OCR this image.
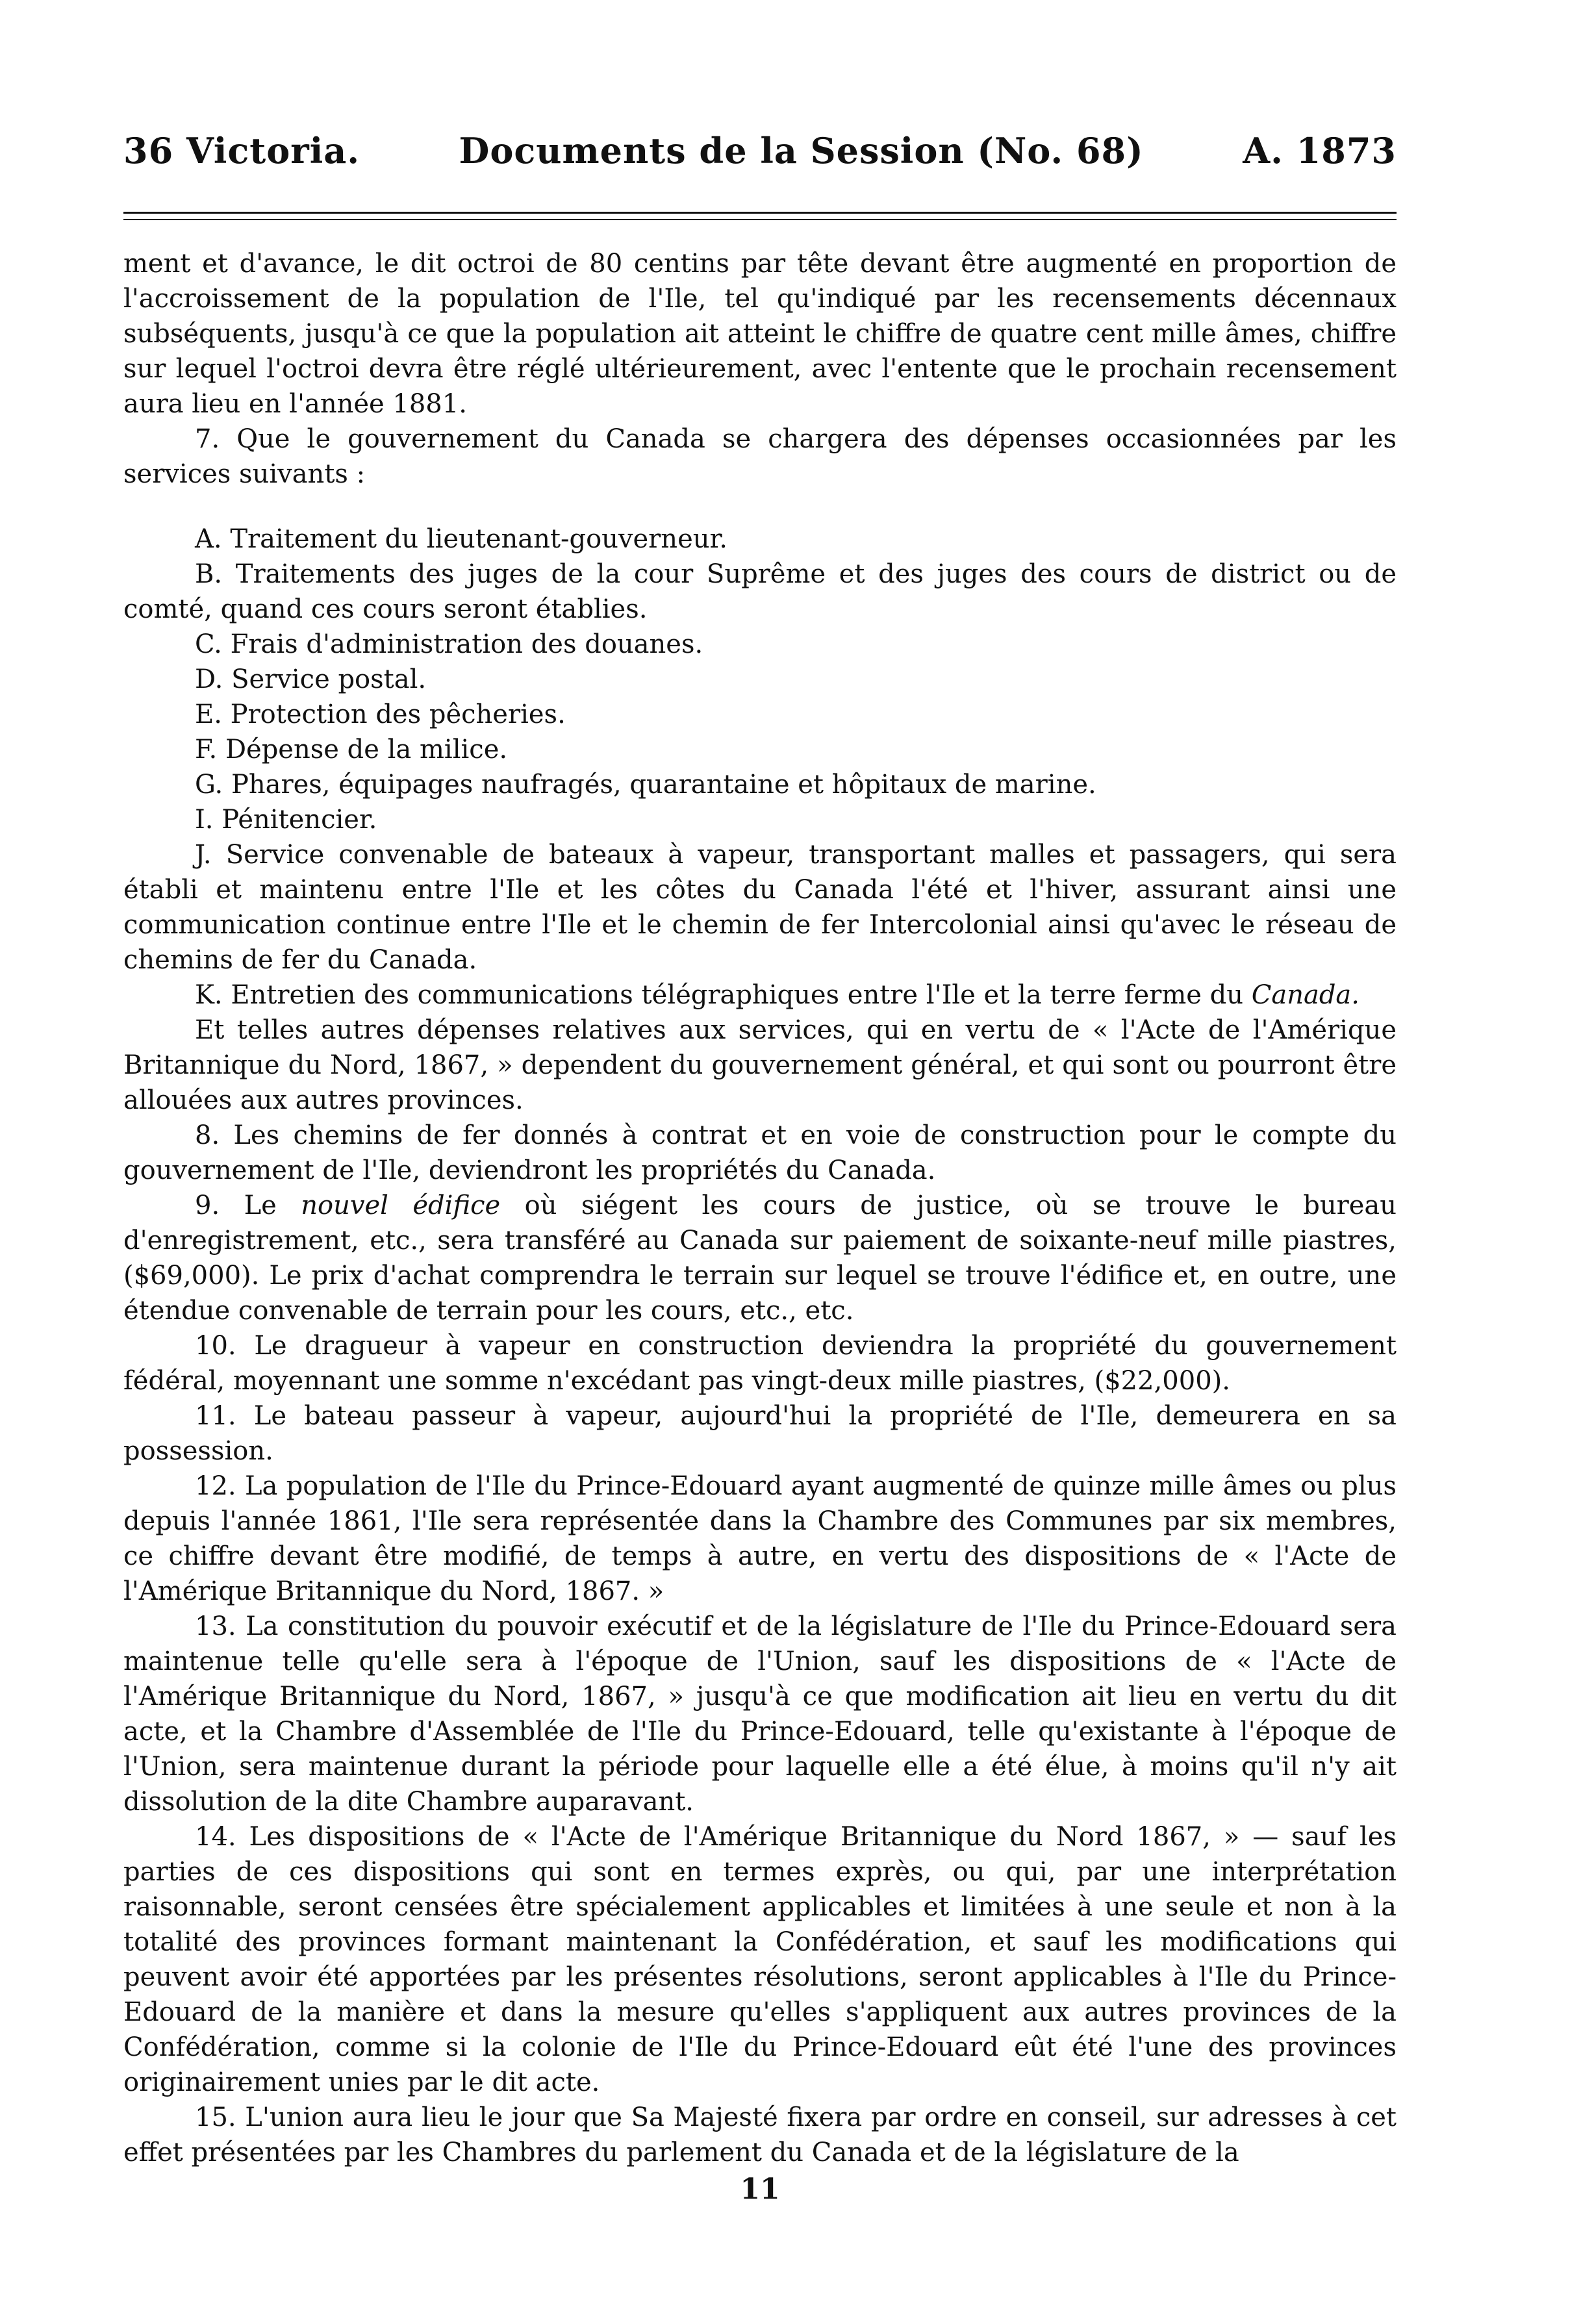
36 Victoria.	Documents de la Session (No. 68)	A. 1873

ment et d'avance, le dit octroi de 80 centins par tête devant être augmenté en proportion de l'accroissement de la population de l'Ile, tel qu'indiqué par les recensements décennaux subséquents, jusqu'à ce que la population ait atteint le chiffre de quatre cent mille âmes, chiffre sur lequel l'octroi devra être réglé ultérieurement, avec l'entente que le prochain recensement aura lieu en l'année 1881.

7. Que le gouvernement du Canada se chargera des dépenses occasionnées par les services suivants :

A. Traitement du lieutenant-gouverneur.

B. Traitements des juges de la cour Suprême et des juges des cours de district ou de comté, quand ces cours seront établies.

C. Frais d'administration des douanes.

D. Service postal.

E. Protection des pêcheries.

F. Dépense de la milice.

G. Phares, équipages naufragés, quarantaine et hôpitaux de marine.

I. Pénitencier.

J. Service convenable de bateaux à vapeur, transportant malles et passagers, qui sera établi et maintenu entre l'Ile et les côtes du Canada l'été et l'hiver, assurant ainsi une communication continue entre l'Ile et le chemin de fer Intercolonial ainsi qu'avec le réseau de chemins de fer du Canada.

K. Entretien des communications télégraphiques entre l'Ile et la terre ferme du Canada.

Et telles autres dépenses relatives aux services, qui en vertu de « l'Acte de l'Amérique Britannique du Nord, 1867, » dependent du gouvernement général, et qui sont ou pourront être allouées aux autres provinces.

8. Les chemins de fer donnés à contrat et en voie de construction pour le compte du gouvernement de l'Ile, deviendront les propriétés du Canada.

9. Le nouvel édifice où siégent les cours de justice, où se trouve le bureau d'enregistrement, etc., sera transféré au Canada sur paiement de soixante-neuf mille piastres, ($69,000). Le prix d'achat comprendra le terrain sur lequel se trouve l'édifice et, en outre, une étendue convenable de terrain pour les cours, etc., etc.

10. Le dragueur à vapeur en construction deviendra la propriété du gouvernement fédéral, moyennant une somme n'excédant pas vingt-deux mille piastres, ($22,000).

11. Le bateau passeur à vapeur, aujourd'hui la propriété de l'Ile, demeurera en sa possession.

12. La population de l'Ile du Prince-Edouard ayant augmenté de quinze mille âmes ou plus depuis l'année 1861, l'Ile sera représentée dans la Chambre des Communes par six membres, ce chiffre devant être modifié, de temps à autre, en vertu des dispositions de « l'Acte de l'Amérique Britannique du Nord, 1867. »

13. La constitution du pouvoir exécutif et de la législature de l'Ile du Prince-Edouard sera maintenue telle qu'elle sera à l'époque de l'Union, sauf les dispositions de « l'Acte de l'Amérique Britannique du Nord, 1867, » jusqu'à ce que modification ait lieu en vertu du dit acte, et la Chambre d'Assemblée de l'Ile du Prince-Edouard, telle qu'existante à l'époque de l'Union, sera maintenue durant la période pour laquelle elle a été élue, à moins qu'il n'y ait dissolution de la dite Chambre auparavant.

14. Les dispositions de « l'Acte de l'Amérique Britannique du Nord 1867, » — sauf les parties de ces dispositions qui sont en termes exprès, ou qui, par une interprétation raisonnable, seront censées être spécialement applicables et limitées à une seule et non à la totalité des provinces formant maintenant la Confédération, et sauf les modifications qui peuvent avoir été apportées par les présentes résolutions, seront applicables à l'Ile du Prince-Edouard de la manière et dans la mesure qu'elles s'appliquent aux autres provinces de la Confédération, comme si la colonie de l'Ile du Prince-Edouard eût été l'une des provinces originairement unies par le dit acte.

15. L'union aura lieu le jour que Sa Majesté fixera par ordre en conseil, sur adresses à cet effet présentées par les Chambres du parlement du Canada et de la législature de la

11
